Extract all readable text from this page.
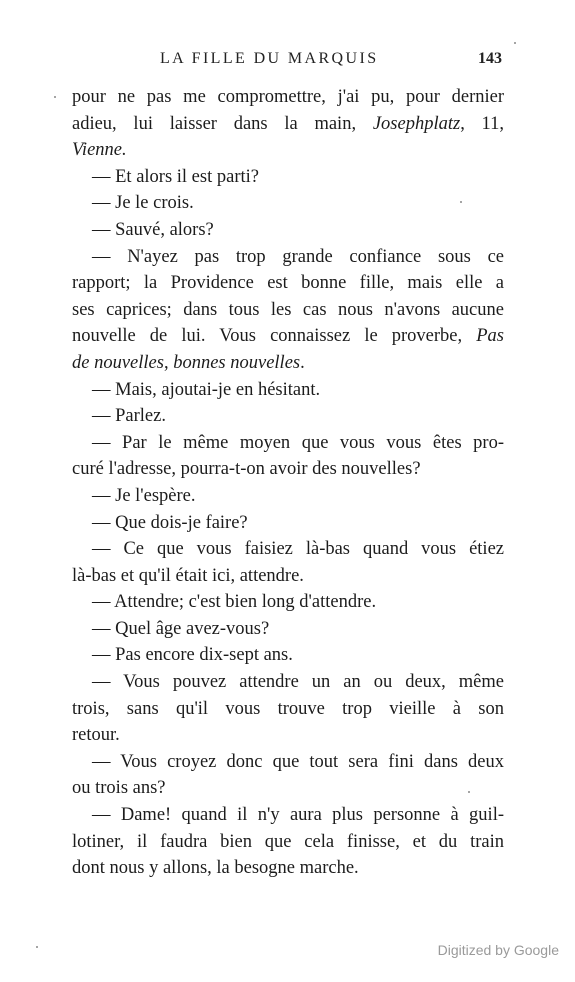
LA FILLE DU MARQUIS	143
pour ne pas me compromettre, j'ai pu, pour dernier
adieu, lui laisser dans la main, Josephplatz, 11,
Vienne.
— Et alors il est parti?
— Je le crois.
— Sauvé, alors?
— N'ayez pas trop grande confiance sous ce
rapport; la Providence est bonne fille, mais elle a
ses caprices; dans tous les cas nous n'avons aucune
nouvelle de lui. Vous connaissez le proverbe, Pas
de nouvelles, bonnes nouvelles.
— Mais, ajoutai-je en hésitant.
— Parlez.
— Par le même moyen que vous vous êtes pro-
curé l'adresse, pourra-t-on avoir des nouvelles?
— Je l'espère.
— Que dois-je faire?
— Ce que vous faisiez là-bas quand vous étiez
là-bas et qu'il était ici, attendre.
— Attendre; c'est bien long d'attendre.
— Quel âge avez-vous?
— Pas encore dix-sept ans.
— Vous pouvez attendre un an ou deux, même
trois, sans qu'il vous trouve trop vieille à son
retour.
— Vous croyez donc que tout sera fini dans deux
ou trois ans?
— Dame! quand il n'y aura plus personne à guil-
lotiner, il faudra bien que cela finisse, et du train
dont nous y allons, la besogne marche.
Digitized by Google
